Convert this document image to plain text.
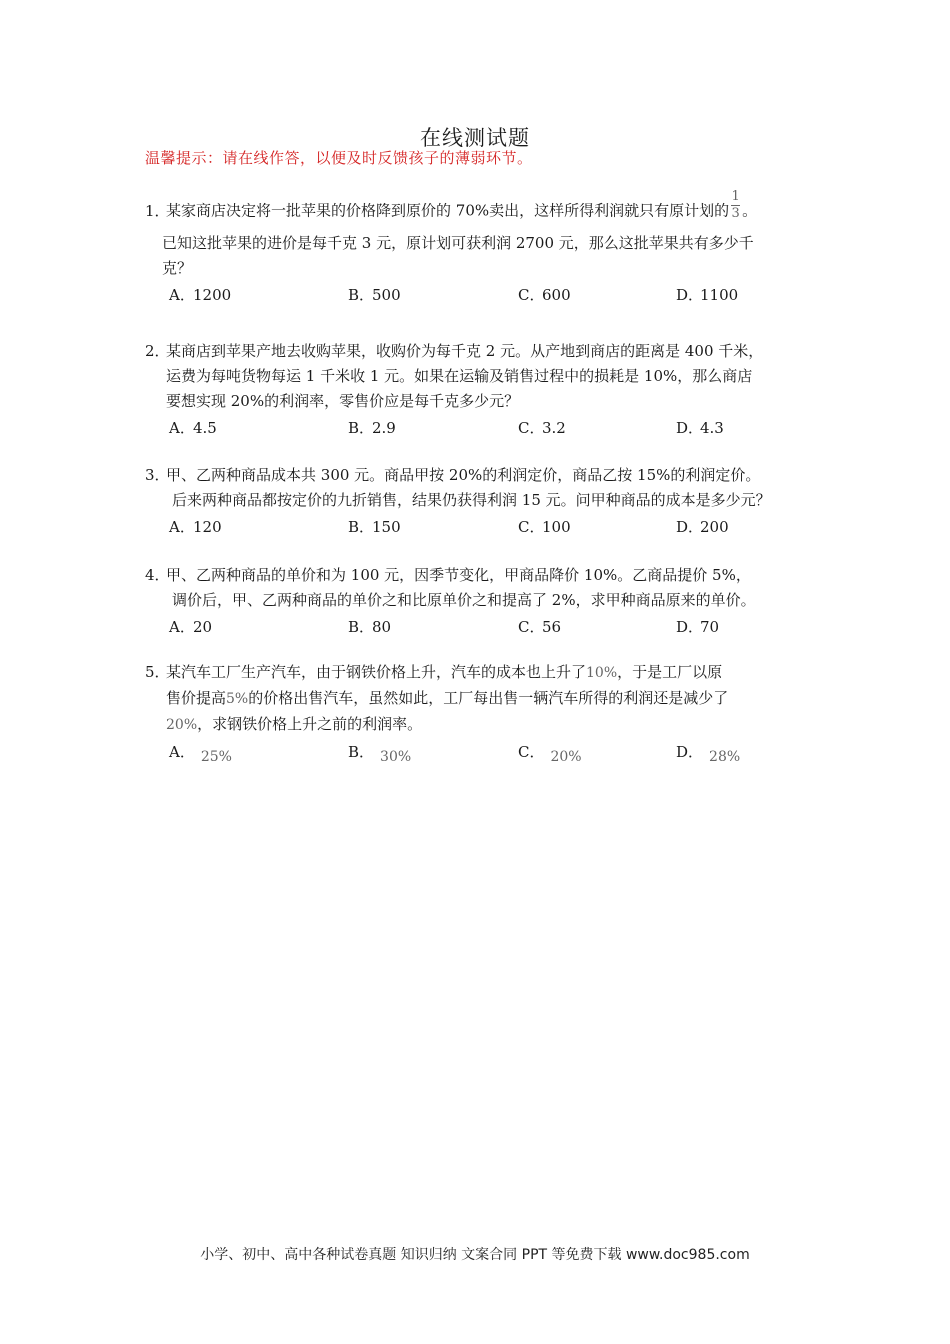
在线测试题
温馨提示：请在线作答，以便及时反馈孩子的薄弱环节。
1．某家商店决定将一批苹果的价格降到原价的 70%卖出，这样所得利润就只有原计划的 $\frac{1}{3}$ 。
已知这批苹果的进价是每千克 3 元，原计划可获利润 2700 元，那么这批苹果共有多少千
克？
A．1200	B．500	C．600	D．1100
2．某商店到苹果产地去收购苹果，收购价为每千克 2 元。从产地到商店的距离是 400 千米，
运费为每吨货物每运 1 千米收 1 元。如果在运输及销售过程中的损耗是 10%，那么商店
要想实现 20%的利润率，零售价应是每千克多少元？
A．4.5	B．2.9	C．3.2	D．4.3
3．甲、乙两种商品成本共 300 元。商品甲按 20%的利润定价，商品乙按 15%的利润定价。
后来两种商品都按定价的九折销售，结果仍获得利润 15 元。问甲种商品的成本是多少元？
A．120	B．150	C．100	D．200
4．甲、乙两种商品的单价和为 100 元，因季节变化，甲商品降价 10%。乙商品提价 5%，
调价后，甲、乙两种商品的单价之和比原单价之和提高了 2%，求甲种商品原来的单价。
A．20	B．80	C．56	D．70
5．某汽车工厂生产汽车，由于钢铁价格上升，汽车的成本也上升了10%，于是工厂以原
售价提高5%的价格出售汽车，虽然如此，工厂每出售一辆汽车所得的利润还是减少了
20%，求钢铁价格上升之前的利润率。
A． 25%	B． 30%	C． 20%	D． 28%
小学、初中、高中各种试卷真题 知识归纳 文案合同 PPT 等免费下载 www.doc985.com
